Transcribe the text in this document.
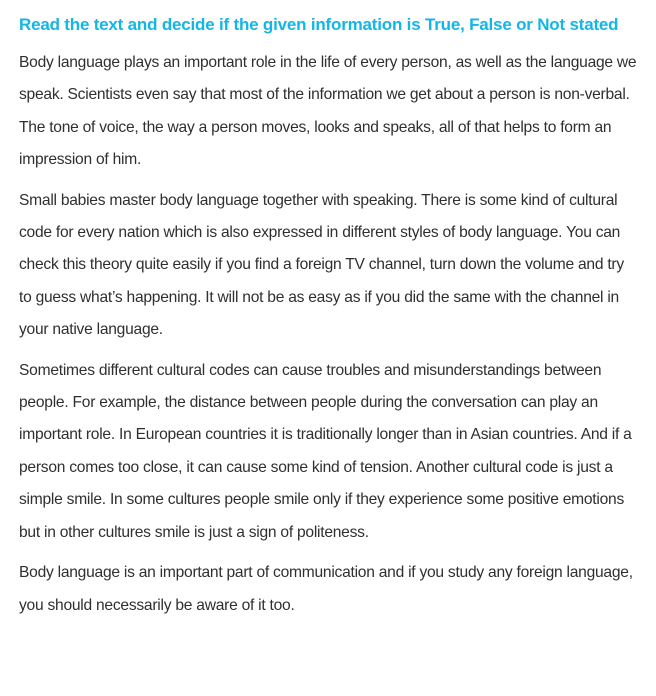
Read the text and decide if the given information is True, False or Not stated

Body language plays an important role in the life of every person, as well as the language we speak. Scientists even say that most of the information we get about a person is non-verbal. The tone of voice, the way a person moves, looks and speaks, all of that helps to form an impression of him.

Small babies master body language together with speaking. There is some kind of cultural code for every nation which is also expressed in different styles of body language. You can check this theory quite easily if you find a foreign TV channel, turn down the volume and try to guess what’s happening. It will not be as easy as if you did the same with the channel in your native language.

Sometimes different cultural codes can cause troubles and misunderstandings between people. For example, the distance between people during the conversation can play an important role. In European countries it is traditionally longer than in Asian countries. And if a person comes too close, it can cause some kind of tension. Another cultural code is just a simple smile. In some cultures people smile only if they experience some positive emotions but in other cultures smile is just a sign of politeness.

Body language is an important part of communication and if you study any foreign language, you should necessarily be aware of it too.
